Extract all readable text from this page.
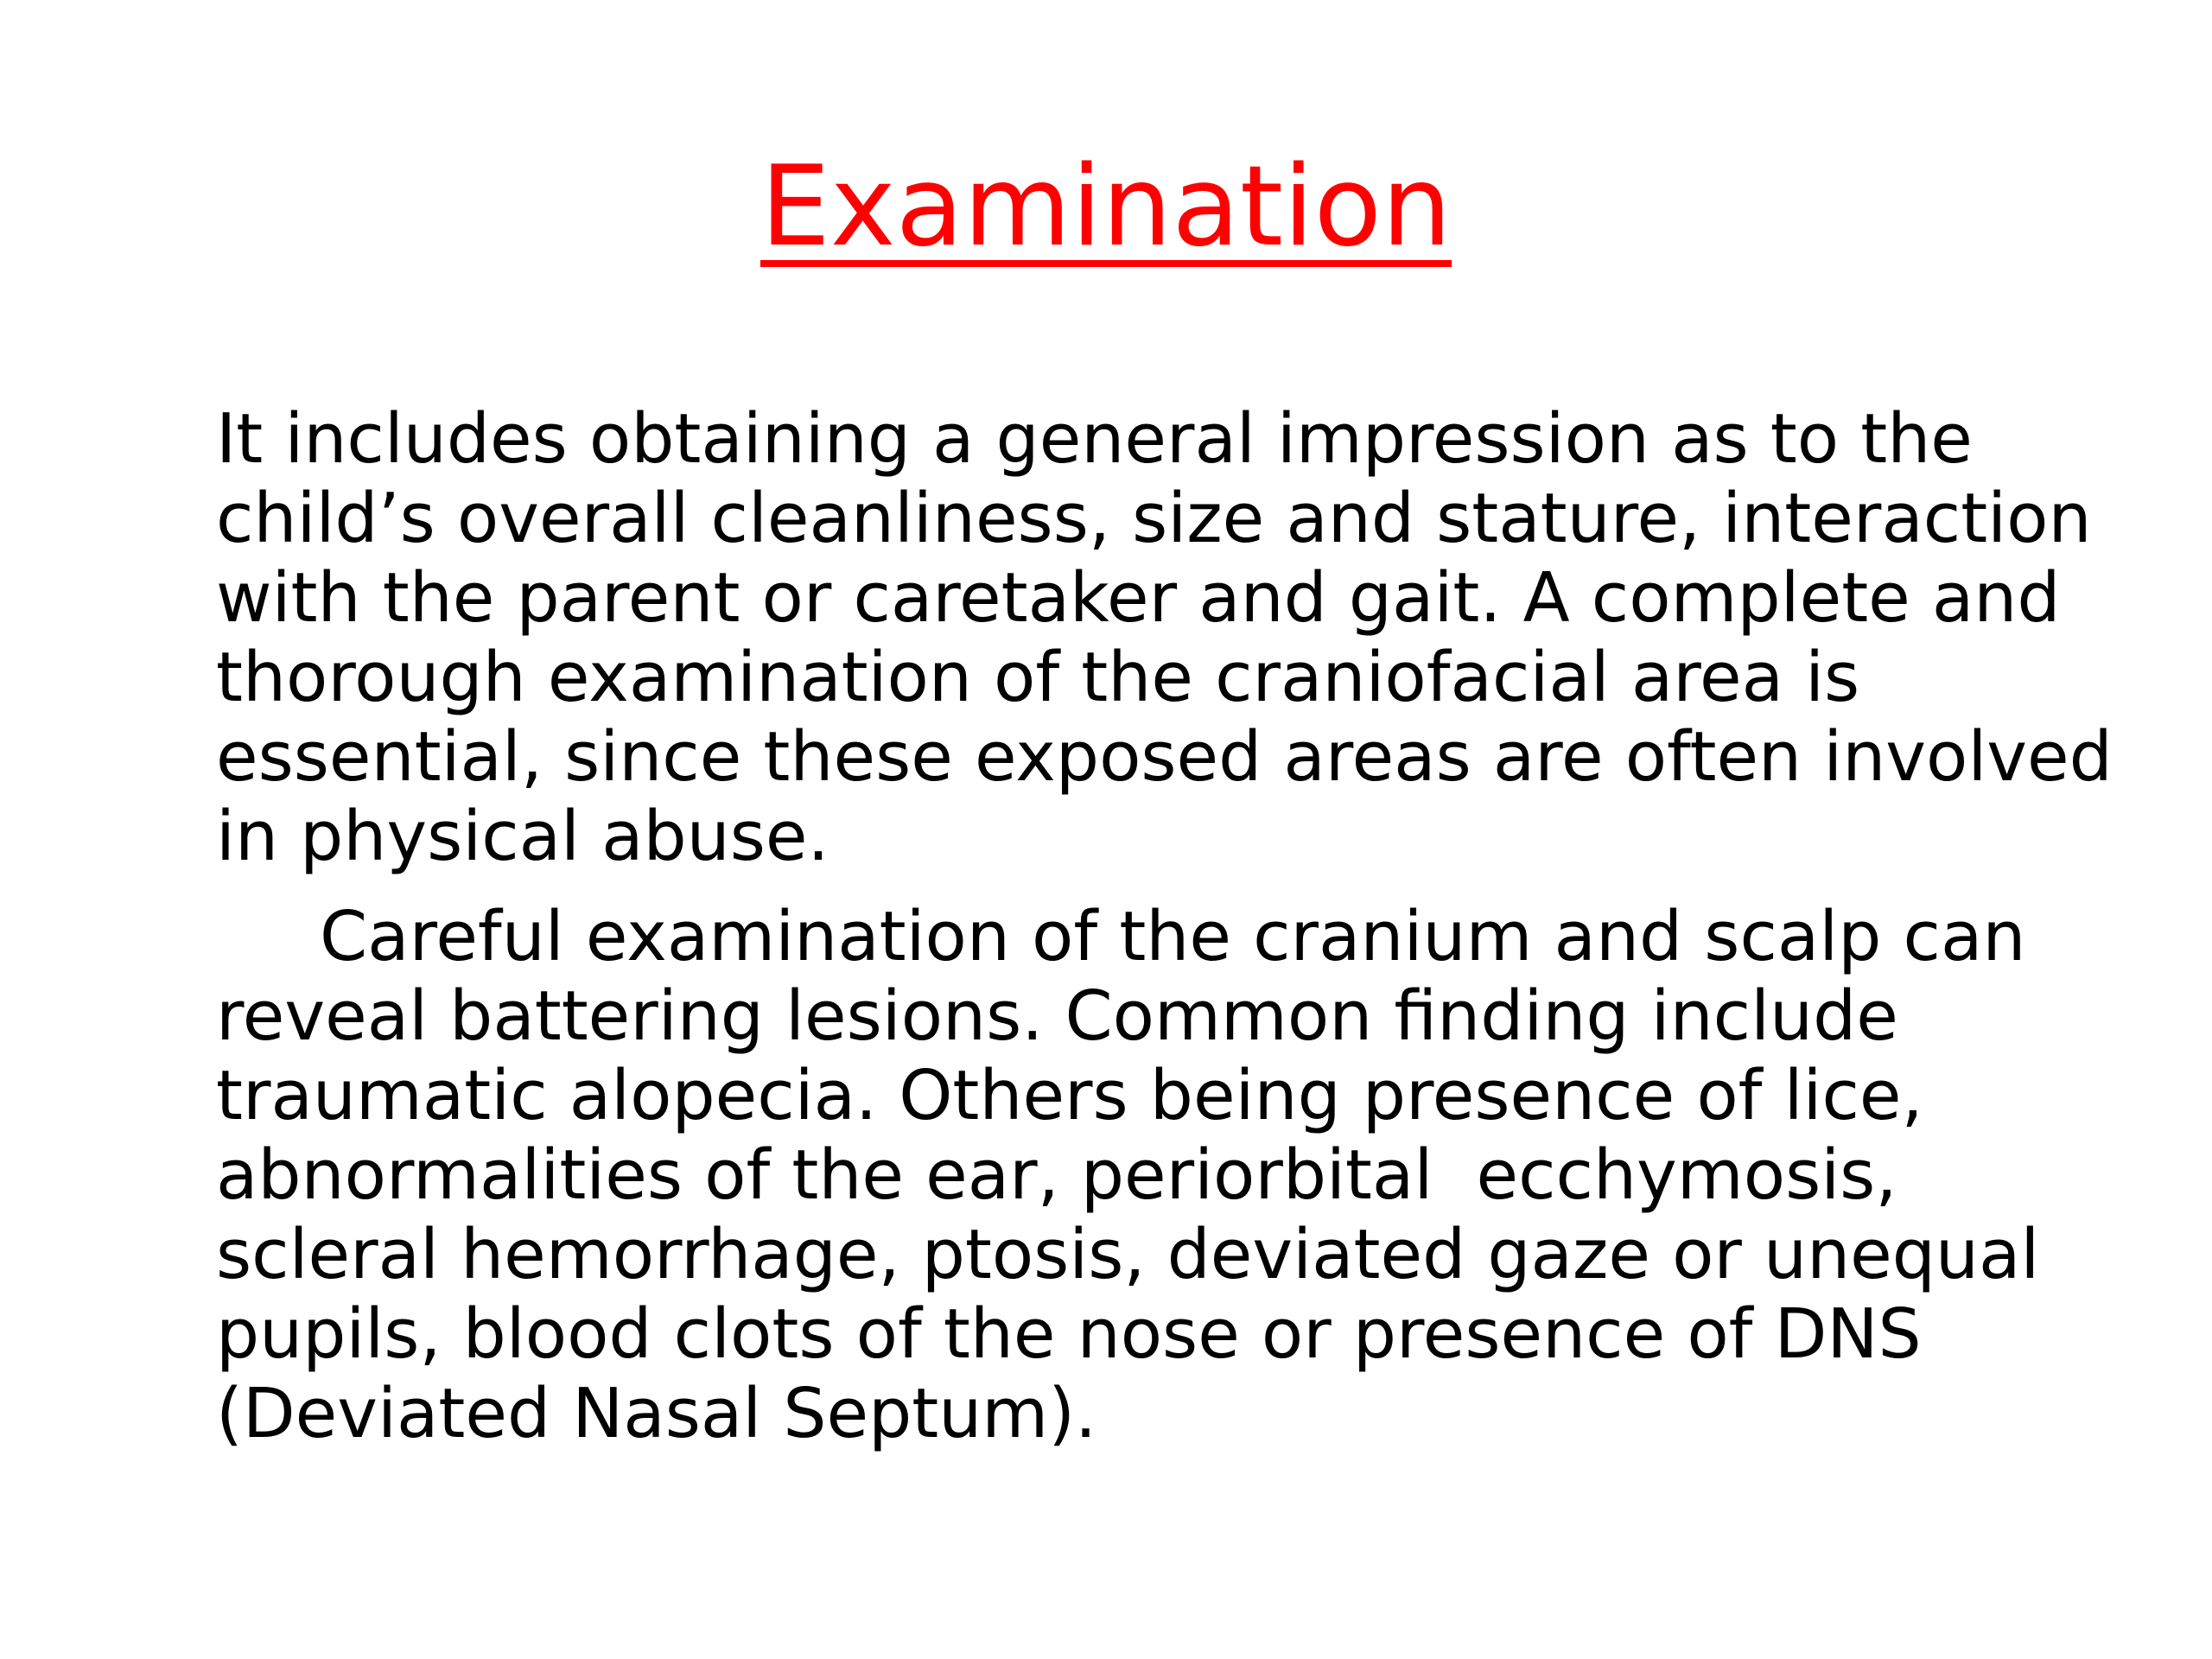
Examination
It includes obtaining a general impression as to the
child’s overall cleanliness, size and stature, interaction
with the parent or caretaker and gait. A complete and
thorough examination of the craniofacial area is
essential, since these exposed areas are often involved
in physical abuse.
Careful examination of the cranium and scalp can
reveal battering lesions. Common finding include
traumatic alopecia. Others being presence of lice,
abnormalities of the ear, periorbital  ecchymosis,
scleral hemorrhage, ptosis, deviated gaze or unequal
pupils, blood clots of the nose or presence of DNS
(Deviated Nasal Septum).
